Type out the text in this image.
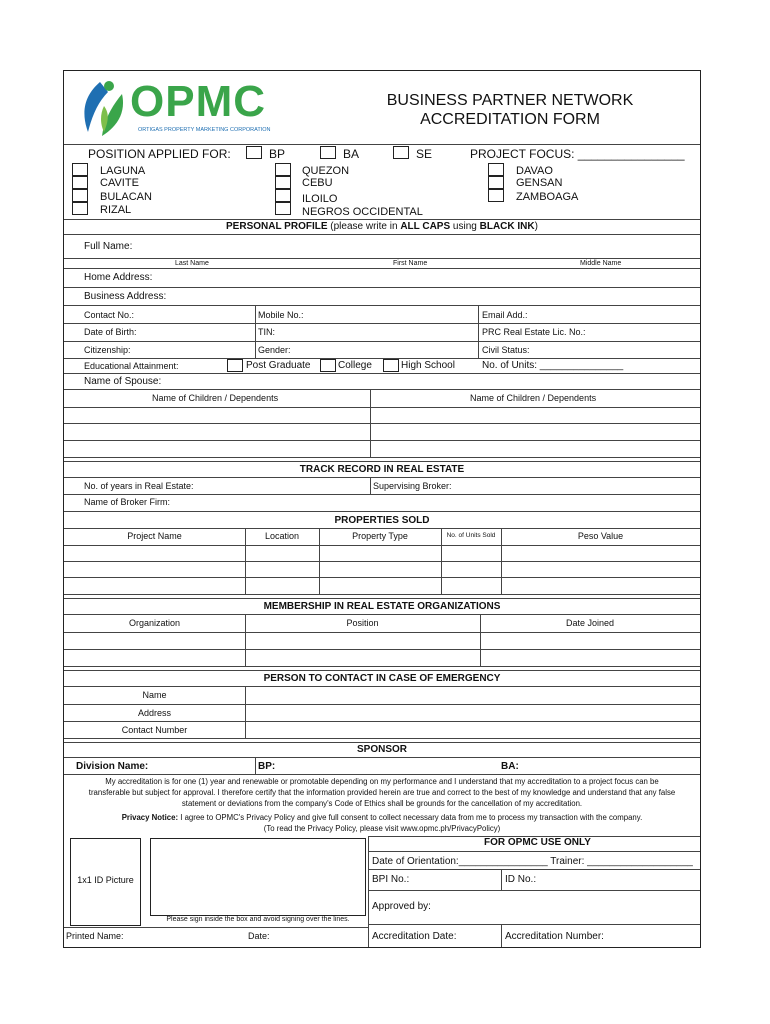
OPMC
ORTIGAS PROPERTY MARKETING CORPORATION
BUSINESS PARTNER NETWORK
ACCREDITATION FORM
POSITION APPLIED FOR:	BP	BA	SE	PROJECT FOCUS: ________________
LAGUNA
CAVITE
BULACAN
RIZAL
QUEZON
CEBU
ILOILO
NEGROS OCCIDENTAL
DAVAO
GENSAN
ZAMBOAGA
PERSONAL PROFILE (please write in ALL CAPS using BLACK INK)
Full Name:
Last Name	First Name	Middle Name
Home Address:
Business Address:
Contact No.:	Mobile No.:	Email Add.:
Date of Birth:	TIN:	PRC Real Estate Lic. No.:
Citizenship:	Gender:	Civil Status:
Educational Attainment:	Post Graduate	College	High School	No. of Units: _______________
Name of Spouse:
Name of Children / Dependents	Name of Children / Dependents
TRACK RECORD IN REAL ESTATE
No. of years in Real Estate:	Supervising Broker:
Name of Broker Firm:
PROPERTIES SOLD
Project Name	Location	Property Type	No. of Units Sold	Peso Value
MEMBERSHIP IN REAL ESTATE ORGANIZATIONS
Organization	Position	Date Joined
PERSON TO CONTACT IN CASE OF EMERGENCY
Name
Address
Contact Number
SPONSOR
Division Name:	BP:	BA:
My accreditation is for one (1) year and renewable or promotable depending on my performance and I understand that my accreditation to a project focus can be
transferable but subject for approval. I therefore certify that the information provided herein are true and correct to the best of my knowledge and understand that any false
statement or deviations from the company's Code of Ethics shall be grounds for the cancellation of my accreditation.
Privacy Notice: I agree to OPMC's Privacy Policy and give full consent to collect necessary data from me to process my transaction with the company.
(To read the Privacy Policy, please visit www.opmc.ph/PrivacyPolicy)
1x1 ID Picture
Please sign inside the box and avoid signing over the lines.
Printed Name:	Date:
FOR OPMC USE ONLY
Date of Orientation:________________ Trainer: ___________________
BPI No.:	ID No.:
Approved by:
Accreditation Date:	Accreditation Number:
